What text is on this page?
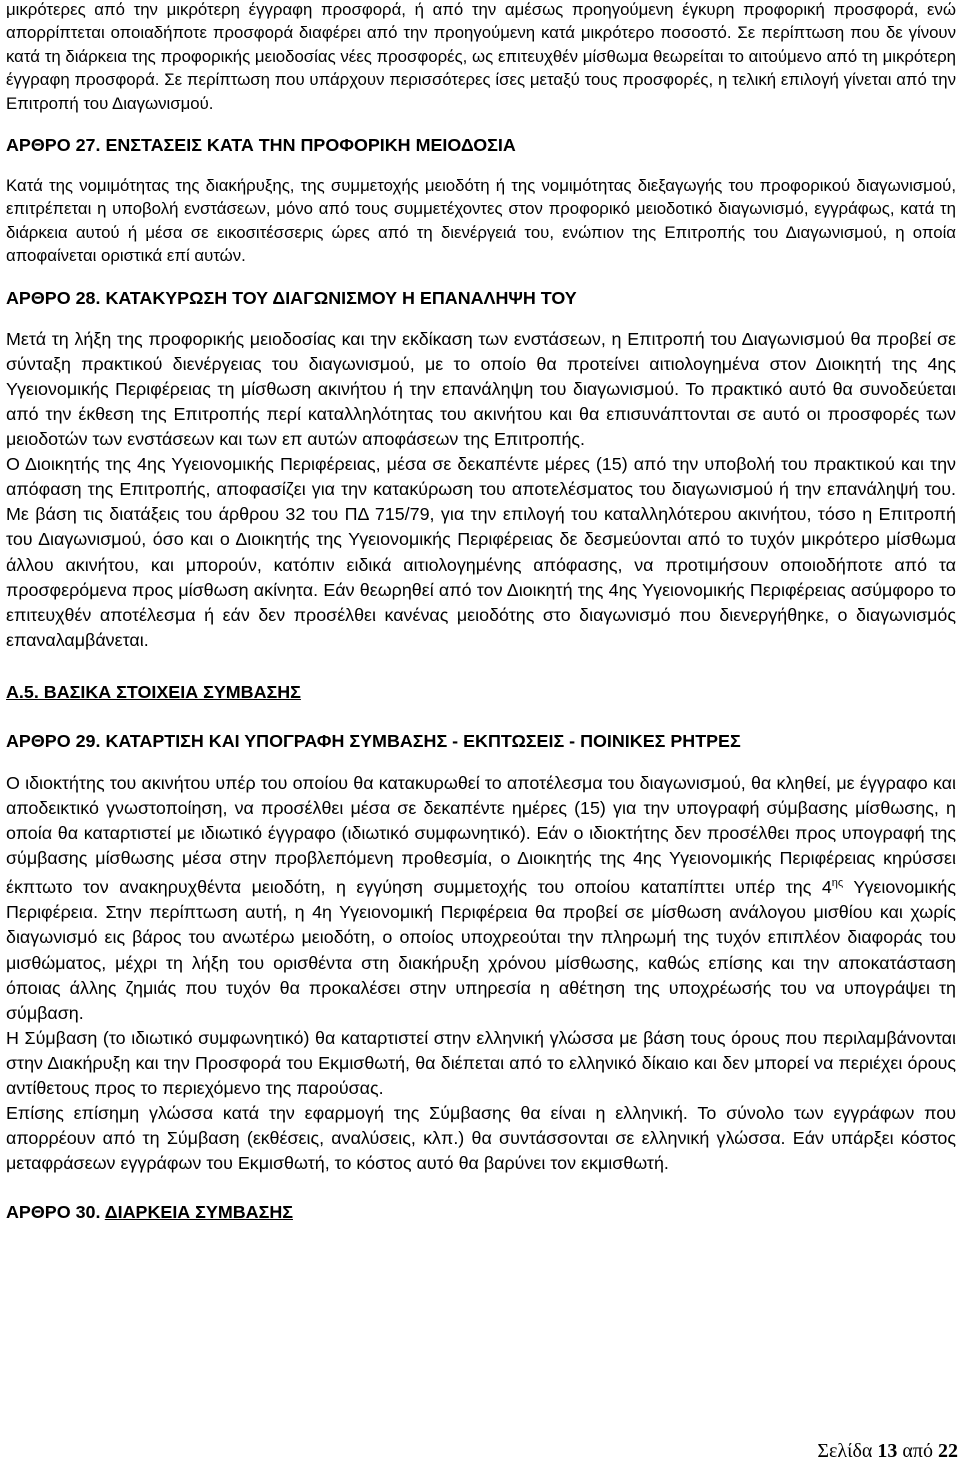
μικρότερες από την μικρότερη έγγραφη προσφορά, ή από την αμέσως προηγούμενη έγκυρη προφορική προσφορά, ενώ απορρίπτεται οποιαδήποτε προσφορά διαφέρει από την προηγούμενη κατά μικρότερο ποσοστό. Σε περίπτωση που δε γίνουν κατά τη διάρκεια της προφορικής μειοδοσίας νέες προσφορές, ως επιτευχθέν μίσθωμα θεωρείται το αιτούμενο από τη μικρότερη έγγραφη προσφορά. Σε περίπτωση που υπάρχουν περισσότερες ίσες μεταξύ τους προσφορές, η τελική επιλογή γίνεται από την Επιτροπή του Διαγωνισμού.

ΑΡΘΡΟ 27. ΕΝΣΤΑΣΕΙΣ ΚΑΤΑ ΤΗΝ ΠΡΟΦΟΡΙΚΗ ΜΕΙΟΔΟΣΙΑ

Κατά της νομιμότητας της διακήρυξης, της συμμετοχής μειοδότη ή της νομιμότητας διεξαγωγής του προφορικού διαγωνισμού, επιτρέπεται η υποβολή ενστάσεων, μόνο από τους συμμετέχοντες στον προφορικό μειοδοτικό διαγωνισμό, εγγράφως, κατά τη διάρκεια αυτού ή μέσα σε εικοσιτέσσερις ώρες από τη διενέργειά του, ενώπιον της Επιτροπής του Διαγωνισμού, η οποία αποφαίνεται οριστικά επί αυτών.

ΑΡΘΡΟ 28. ΚΑΤΑΚΥΡΩΣΗ ΤΟΥ ΔΙΑΓΩΝΙΣΜΟΥ Η ΕΠΑΝΑΛΗΨΗ ΤΟΥ

Μετά τη λήξη της προφορικής μειοδοσίας και την εκδίκαση των ενστάσεων, η Επιτροπή του Διαγωνισμού θα προβεί σε σύνταξη πρακτικού διενέργειας του διαγωνισμού, με το οποίο θα προτείνει αιτιολογημένα στον Διοικητή της 4ης Υγειονομικής Περιφέρειας τη μίσθωση ακινήτου ή την επανάληψη του διαγωνισμού. Το πρακτικό αυτό θα συνοδεύεται από την έκθεση της Επιτροπής περί καταλληλότητας του ακινήτου και θα επισυνάπτονται σε αυτό οι προσφορές των μειοδοτών των ενστάσεων και των επ αυτών αποφάσεων της Επιτροπής.

Ο Διοικητής της 4ης Υγειονομικής Περιφέρειας, μέσα σε δεκαπέντε μέρες (15) από την υποβολή του πρακτικού και την απόφαση της Επιτροπής, αποφασίζει για την κατακύρωση του αποτελέσματος του διαγωνισμού ή την επανάληψή του. Με βάση τις διατάξεις του άρθρου 32 του ΠΔ 715/79, για την επιλογή του καταλληλότερου ακινήτου, τόσο η Επιτροπή του Διαγωνισμού, όσο και ο Διοικητής της Υγειονομικής Περιφέρειας δε δεσμεύονται από το τυχόν μικρότερο μίσθωμα άλλου ακινήτου, και μπορούν, κατόπιν ειδικά αιτιολογημένης απόφασης, να προτιμήσουν οποιοδήποτε από τα προσφερόμενα προς μίσθωση ακίνητα. Εάν θεωρηθεί από τον Διοικητή της 4ης Υγειονομικής Περιφέρειας ασύμφορο το επιτευχθέν αποτέλεσμα ή εάν δεν προσέλθει κανένας μειοδότης στο διαγωνισμό που διενεργήθηκε, ο διαγωνισμός επαναλαμβάνεται.

Α.5. ΒΑΣΙΚΑ ΣΤΟΙΧΕΙΑ ΣΥΜΒΑΣΗΣ

ΑΡΘΡΟ 29. ΚΑΤΑΡΤΙΣΗ ΚΑΙ ΥΠΟΓΡΑΦΗ ΣΥΜΒΑΣΗΣ - ΕΚΠΤΩΣΕΙΣ - ΠΟΙΝΙΚΕΣ ΡΗΤΡΕΣ

Ο ιδιοκτήτης του ακινήτου υπέρ του οποίου θα κατακυρωθεί το αποτέλεσμα του διαγωνισμού, θα κληθεί, με έγγραφο και αποδεικτικό γνωστοποίηση, να προσέλθει μέσα σε δεκαπέντε ημέρες (15) για την υπογραφή σύμβασης μίσθωσης, η οποία θα καταρτιστεί με ιδιωτικό έγγραφο (ιδιωτικό συμφωνητικό). Εάν ο ιδιοκτήτης δεν προσέλθει προς υπογραφή της σύμβασης μίσθωσης μέσα στην προβλεπόμενη προθεσμία, ο Διοικητής της 4ης Υγειονομικής Περιφέρειας κηρύσσει έκπτωτο τον ανακηρυχθέντα μειοδότη, η εγγύηση συμμετοχής του οποίου καταπίπτει υπέρ της $4^{\eta\varsigma}$ Υγειονομικής Περιφέρεια. Στην περίπτωση αυτή, η 4η Υγειονομική Περιφέρεια θα προβεί σε μίσθωση ανάλογου μισθίου και χωρίς διαγωνισμό εις βάρος του ανωτέρω μειοδότη, ο οποίος υποχρεούται την πληρωμή της τυχόν επιπλέον διαφοράς του μισθώματος, μέχρι τη λήξη του ορισθέντα στη διακήρυξη χρόνου μίσθωσης, καθώς επίσης και την αποκατάσταση όποιας άλλης ζημιάς που τυχόν θα προκαλέσει στην υπηρεσία η αθέτηση της υποχρέωσής του να υπογράψει τη σύμβαση.

Η Σύμβαση (το ιδιωτικό συμφωνητικό) θα καταρτιστεί στην ελληνική γλώσσα με βάση τους όρους που περιλαμβάνονται στην Διακήρυξη και την Προσφορά του Εκμισθωτή, θα διέπεται από το ελληνικό δίκαιο και δεν μπορεί να περιέχει όρους αντίθετους προς το περιεχόμενο της παρούσας.

Επίσης επίσημη γλώσσα κατά την εφαρμογή της Σύμβασης θα είναι η ελληνική. Το σύνολο των εγγράφων που απορρέουν από τη Σύμβαση (εκθέσεις, αναλύσεις, κλπ.) θα συντάσσονται σε ελληνική γλώσσα. Εάν υπάρξει κόστος μεταφράσεων εγγράφων του Εκμισθωτή, το κόστος αυτό θα βαρύνει τον εκμισθωτή.

ΑΡΘΡΟ 30. ΔΙΑΡΚΕΙΑ ΣΥΜΒΑΣΗΣ

Σελίδα 13 από 22
